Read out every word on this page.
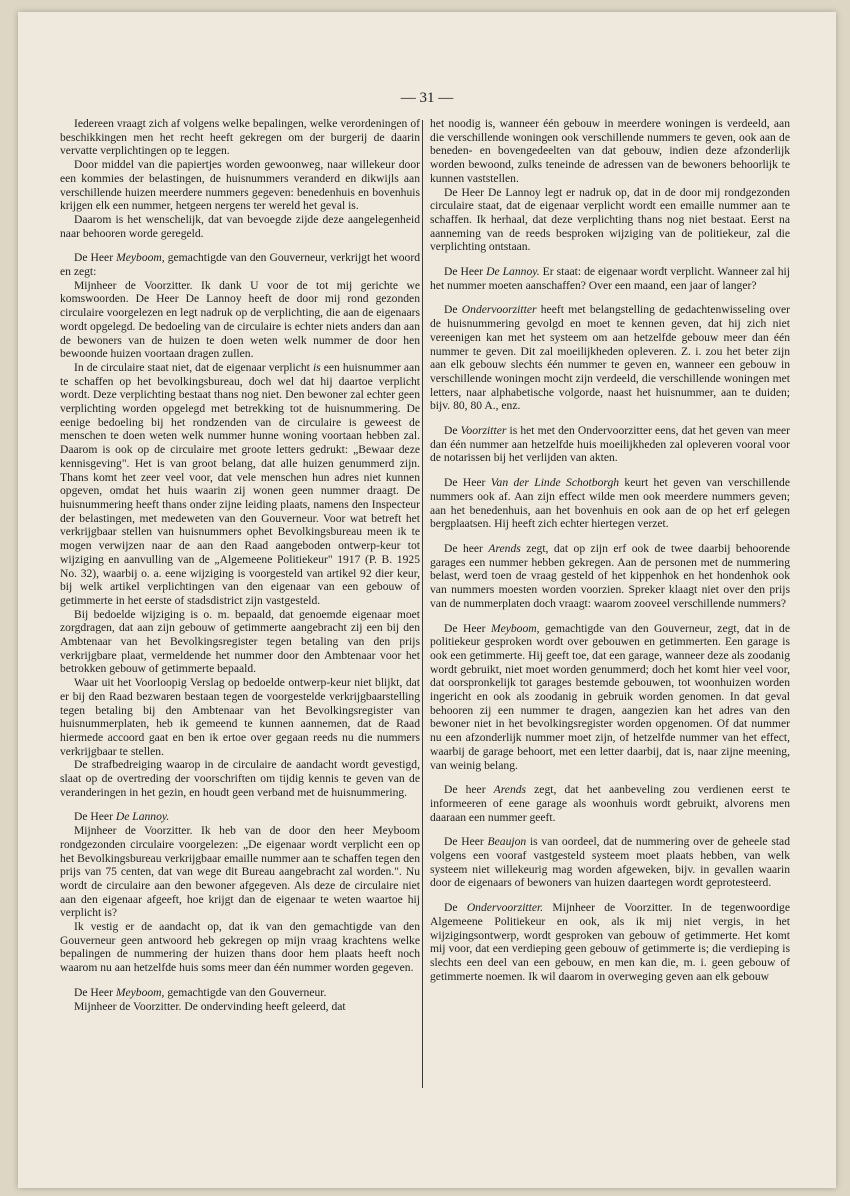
— 31 —

Iedereen vraagt zich af volgens welke bepalingen, welke verordeningen of beschikkingen men het recht heeft gekregen om der burgerij de daarin vervatte verplichtingen op te leggen.

Door middel van die papiertjes worden gewoonweg, naar willekeur door een kommies der belastingen, de huisnummers veranderd en dikwijls aan verschillende huizen meerdere nummers gegeven: benedenhuis en bovenhuis krijgen elk een nummer, hetgeen nergens ter wereld het geval is.

Daarom is het wenschelijk, dat van bevoegde zijde deze aangelegenheid naar behooren worde geregeld.

De Heer Meyboom, gemachtigde van den Gouverneur, verkrijgt het woord en zegt:

Mijnheer de Voorzitter. Ik dank U voor de tot mij gerichte we komswoorden. De Heer De Lannoy heeft de door mij rond gezonden circulaire voorgelezen en legt nadruk op de verplichting, die aan de eigenaars wordt opgelegd. De bedoeling van de circulaire is echter niets anders dan aan de bewoners van de huizen te doen weten welk nummer de door hen bewoonde huizen voortaan dragen zullen.

In de circulaire staat niet, dat de eigenaar verplicht is een huisnummer aan te schaffen op het bevolkingsbureau, doch wel dat hij daartoe verplicht wordt. Deze verplichting bestaat thans nog niet. Den bewoner zal echter geen verplichting worden opgelegd met betrekking tot de huisnummering. De eenige bedoeling bij het rondzenden van de circulaire is geweest de menschen te doen weten welk nummer hunne woning voortaan hebben zal. Daarom is ook op de circulaire met groote letters gedrukt: „Bewaar deze kennisgeving". Het is van groot belang, dat alle huizen genummerd zijn. Thans komt het zeer veel voor, dat vele menschen hun adres niet kunnen opgeven, omdat het huis waarin zij wonen geen nummer draagt. De huisnummering heeft thans onder zijne leiding plaats, namens den Inspecteur der belastingen, met medeweten van den Gouverneur. Voor wat betreft het verkrijgbaar stellen van huisnummers ophet Bevolkingsbureau meen ik te mogen verwijzen naar de aan den Raad aangeboden ontwerp-keur tot wijziging en aanvulling van de „Algemeene Politiekeur" 1917 (P. B. 1925 No. 32), waarbij o. a. eene wijziging is voorgesteld van artikel 92 dier keur, bij welk artikel verplichtingen van den eigenaar van een gebouw of getimmerte in het eerste of stadsdistrict zijn vastgesteld.

Bij bedoelde wijziging is o. m. bepaald, dat genoemde eigenaar moet zorgdragen, dat aan zijn gebouw of getimmerte aangebracht zij een bij den Ambtenaar van het Bevolkingsregister tegen betaling van den prijs verkrijgbare plaat, vermeldende het nummer door den Ambtenaar voor het betrokken gebouw of getimmerte bepaald.

Waar uit het Voorloopig Verslag op bedoelde ontwerp-keur niet blijkt, dat er bij den Raad bezwaren bestaan tegen de voorgestelde verkrijgbaarstelling tegen betaling bij den Ambtenaar van het Bevolkingsregister van huisnummerplaten, heb ik gemeend te kunnen aannemen, dat de Raad hiermede accoord gaat en ben ik ertoe over gegaan reeds nu die nummers verkrijgbaar te stellen.

De strafbedreiging waarop in de circulaire de aandacht wordt gevestigd, slaat op de overtreding der voorschriften om tijdig kennis te geven van de veranderingen in het gezin, en houdt geen verband met de huisnummering.

De Heer De Lannoy.

Mijnheer de Voorzitter. Ik heb van de door den heer Meyboom rondgezonden circulaire voorgelezen: „De eigenaar wordt verplicht een op het Bevolkingsbureau verkrijgbaar emaille nummer aan te schaffen tegen den prijs van 75 centen, dat van wege dit Bureau aangebracht zal worden.". Nu wordt de circulaire aan den bewoner afgegeven. Als deze de circulaire niet aan den eigenaar afgeeft, hoe krijgt dan de eigenaar te weten waartoe hij verplicht is?

Ik vestig er de aandacht op, dat ik van den gemachtigde van den Gouverneur geen antwoord heb gekregen op mijn vraag krachtens welke bepalingen de nummering der huizen thans door hem plaats heeft noch waarom nu aan hetzelfde huis soms meer dan één nummer worden gegeven.

De Heer Meyboom, gemachtigde van den Gouverneur.

Mijnheer de Voorzitter. De ondervinding heeft geleerd, dat

het noodig is, wanneer één gebouw in meerdere woningen is verdeeld, aan die verschillende woningen ook verschillende nummers te geven, ook aan de beneden- en bovengedeelten van dat gebouw, indien deze afzonderlijk worden bewoond, zulks teneinde de adressen van de bewoners behoorlijk te kunnen vaststellen.

De Heer De Lannoy legt er nadruk op, dat in de door mij rondgezonden circulaire staat, dat de eigenaar verplicht wordt een emaille nummer aan te schaffen. Ik herhaal, dat deze verplichting thans nog niet bestaat. Eerst na aanneming van de reeds besproken wijziging van de politiekeur, zal die verplichting ontstaan.

De Heer De Lannoy. Er staat: de eigenaar wordt verplicht. Wanneer zal hij het nummer moeten aanschaffen? Over een maand, een jaar of langer?

De Ondervoorzitter heeft met belangstelling de gedachtenwisseling over de huisnummering gevolgd en moet te kennen geven, dat hij zich niet vereenigen kan met het systeem om aan hetzelfde gebouw meer dan één nummer te geven. Dit zal moeilijkheden opleveren. Z. i. zou het beter zijn aan elk gebouw slechts één nummer te geven en, wanneer een gebouw in verschillende woningen mocht zijn verdeeld, die verschillende woningen met letters, naar alphabetische volgorde, naast het huisnummer, aan te duiden; bijv. 80, 80 A., enz.

De Voorzitter is het met den Ondervoorzitter eens, dat het geven van meer dan één nummer aan hetzelfde huis moeilijkheden zal opleveren vooral voor de notarissen bij het verlijden van akten.

De Heer Van der Linde Schotborgh keurt het geven van verschillende nummers ook af. Aan zijn effect wilde men ook meerdere nummers geven; aan het benedenhuis, aan het bovenhuis en ook aan de op het erf gelegen bergplaatsen. Hij heeft zich echter hiertegen verzet.

De heer Arends zegt, dat op zijn erf ook de twee daarbij behoorende garages een nummer hebben gekregen. Aan de personen met de nummering belast, werd toen de vraag gesteld of het kippenhok en het hondenhok ook van nummers moesten worden voorzien. Spreker klaagt niet over den prijs van de nummerplaten doch vraagt: waarom zooveel verschillende nummers?

De Heer Meyboom, gemachtigde van den Gouverneur, zegt, dat in de politiekeur gesproken wordt over gebouwen en getimmerten. Een garage is ook een getimmerte. Hij geeft toe, dat een garage, wanneer deze als zoodanig wordt gebruikt, niet moet worden genummerd; doch het komt hier veel voor, dat oorspronkelijk tot garages bestemde gebouwen, tot woonhuizen worden ingericht en ook als zoodanig in gebruik worden genomen. In dat geval behooren zij een nummer te dragen, aangezien kan het adres van den bewoner niet in het bevolkingsregister worden opgenomen. Of dat nummer nu een afzonderlijk nummer moet zijn, of hetzelfde nummer van het effect, waarbij de garage behoort, met een letter daarbij, dat is, naar zijne meening, van weinig belang.

De heer Arends zegt, dat het aanbeveling zou verdienen eerst te informeeren of eene garage als woonhuis wordt gebruikt, alvorens men daaraan een nummer geeft.

De Heer Beaujon is van oordeel, dat de nummering over de geheele stad volgens een vooraf vastgesteld systeem moet plaats hebben, van welk systeem niet willekeurig mag worden afgeweken, bijv. in gevallen waarin door de eigenaars of bewoners van huizen daartegen wordt geprotesteerd.

De Ondervoorzitter. Mijnheer de Voorzitter. In de tegenwoordige Algemeene Politiekeur en ook, als ik mij niet vergis, in het wijzigingsontwerp, wordt gesproken van gebouw of getimmerte. Het komt mij voor, dat een verdieping geen gebouw of getimmerte is; die verdieping is slechts een deel van een gebouw, en men kan die, m. i. geen gebouw of getimmerte noemen. Ik wil daarom in overweging geven aan elk gebouw
